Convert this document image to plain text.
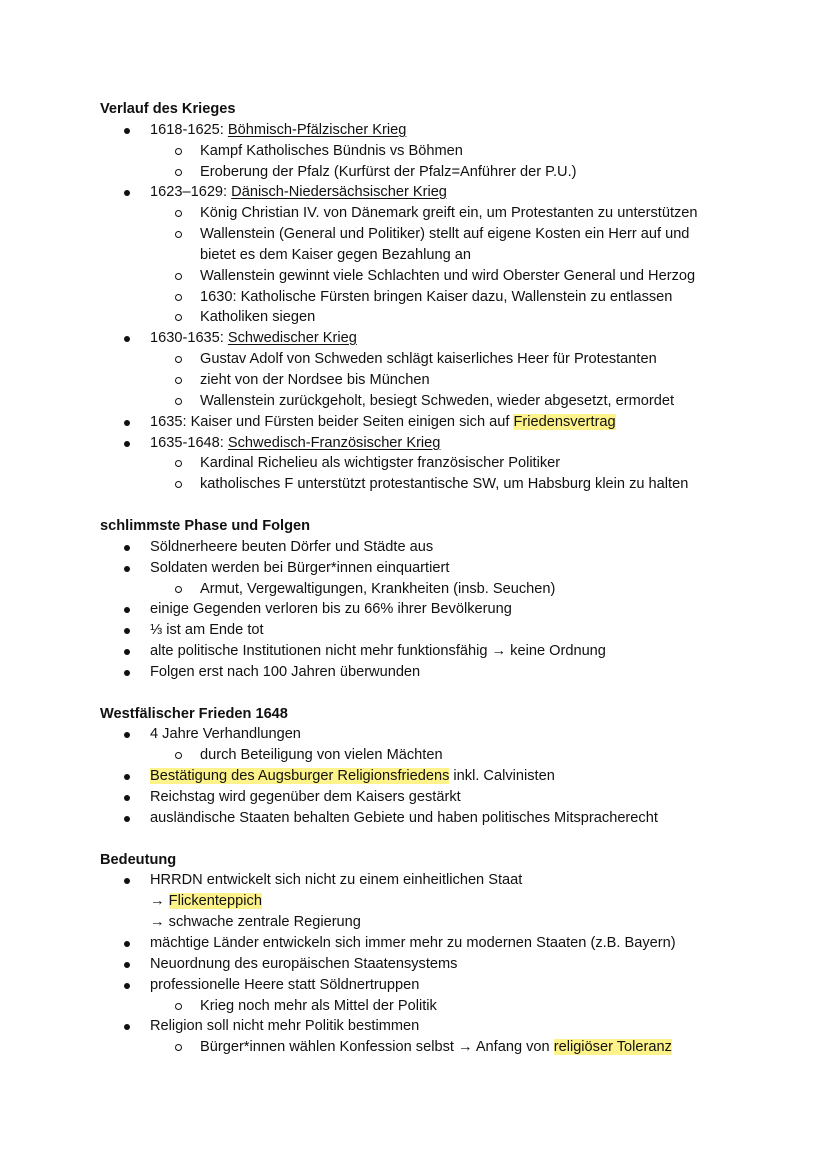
Verlauf des Krieges
1618-1625: Böhmisch-Pfälzischer Krieg
Kampf Katholisches Bündnis vs Böhmen
Eroberung der Pfalz (Kurfürst der Pfalz=Anführer der P.U.)
1623–1629: Dänisch-Niedersächsischer Krieg
König Christian IV. von Dänemark greift ein, um Protestanten zu unterstützen
Wallenstein (General und Politiker) stellt auf eigene Kosten ein Herr auf und
bietet es dem Kaiser gegen Bezahlung an
Wallenstein gewinnt viele Schlachten und wird Oberster General und Herzog
1630: Katholische Fürsten bringen Kaiser dazu, Wallenstein zu entlassen
Katholiken siegen
1630-1635: Schwedischer Krieg
Gustav Adolf von Schweden schlägt kaiserliches Heer für Protestanten
zieht von der Nordsee bis München
Wallenstein zurückgeholt, besiegt Schweden, wieder abgesetzt, ermordet
1635: Kaiser und Fürsten beider Seiten einigen sich auf Friedensvertrag
1635-1648: Schwedisch-Französischer Krieg
Kardinal Richelieu als wichtigster französischer Politiker
katholisches F unterstützt protestantische SW, um Habsburg klein zu halten
schlimmste Phase und Folgen
Söldnerheere beuten Dörfer und Städte aus
Soldaten werden bei Bürger*innen einquartiert
Armut, Vergewaltigungen, Krankheiten (insb. Seuchen)
einige Gegenden verloren bis zu 66% ihrer Bevölkerung
⅓ ist am Ende tot
alte politische Institutionen nicht mehr funktionsfähig → keine Ordnung
Folgen erst nach 100 Jahren überwunden
Westfälischer Frieden 1648
4 Jahre Verhandlungen
durch Beteiligung von vielen Mächten
Bestätigung des Augsburger Religionsfriedens inkl. Calvinisten
Reichstag wird gegenüber dem Kaisers gestärkt
ausländische Staaten behalten Gebiete und haben politisches Mitspracherecht
Bedeutung
HRRDN entwickelt sich nicht zu einem einheitlichen Staat
→ Flickenteppich
→ schwache zentrale Regierung
mächtige Länder entwickeln sich immer mehr zu modernen Staaten (z.B. Bayern)
Neuordnung des europäischen Staatensystems
professionelle Heere statt Söldnertruppen
Krieg noch mehr als Mittel der Politik
Religion soll nicht mehr Politik bestimmen
Bürger*innen wählen Konfession selbst → Anfang von religiöser Toleranz
